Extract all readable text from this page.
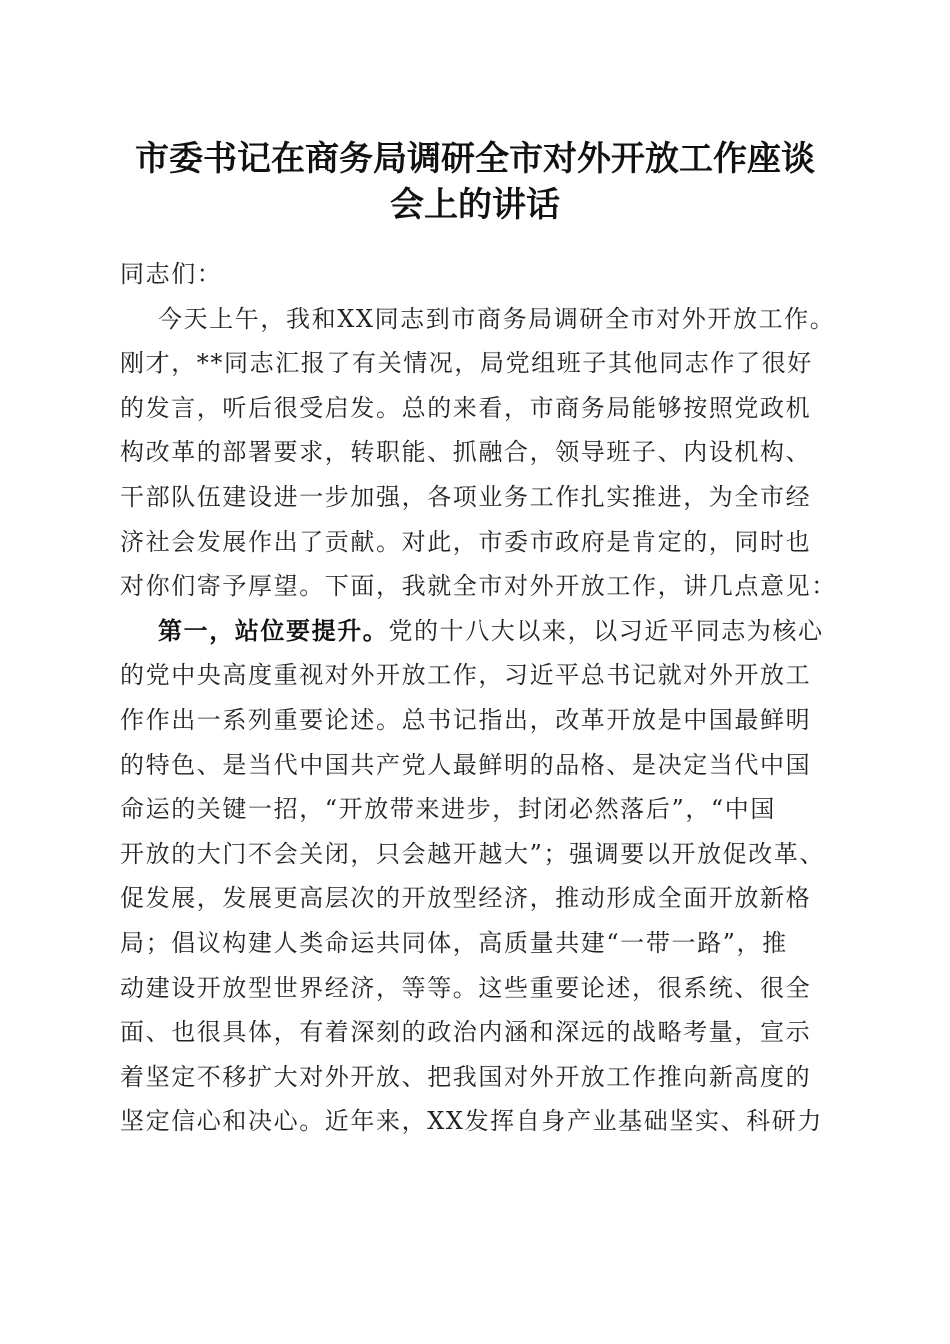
市委书记在商务局调研全市对外开放工作座谈
会上的讲话
同志们：
今天上午，我和XX同志到市商务局调研全市对外开放工作。
刚才，**同志汇报了有关情况，局党组班子其他同志作了很好
的发言，听后很受启发。总的来看，市商务局能够按照党政机
构改革的部署要求，转职能、抓融合，领导班子、内设机构、
干部队伍建设进一步加强，各项业务工作扎实推进，为全市经
济社会发展作出了贡献。对此，市委市政府是肯定的，同时也
对你们寄予厚望。下面，我就全市对外开放工作，讲几点意见：
第一，站位要提升。党的十八大以来，以习近平同志为核心
的党中央高度重视对外开放工作，习近平总书记就对外开放工
作作出一系列重要论述。总书记指出，改革开放是中国最鲜明
的特色、是当代中国共产党人最鲜明的品格、是决定当代中国
命运的关键一招，“开放带来进步，封闭必然落后”，“中国
开放的大门不会关闭，只会越开越大”；强调要以开放促改革、
促发展，发展更高层次的开放型经济，推动形成全面开放新格
局；倡议构建人类命运共同体，高质量共建“一带一路”，推
动建设开放型世界经济，等等。这些重要论述，很系统、很全
面、也很具体，有着深刻的政治内涵和深远的战略考量，宣示
着坚定不移扩大对外开放、把我国对外开放工作推向新高度的
坚定信心和决心。近年来，XX发挥自身产业基础坚实、科研力
